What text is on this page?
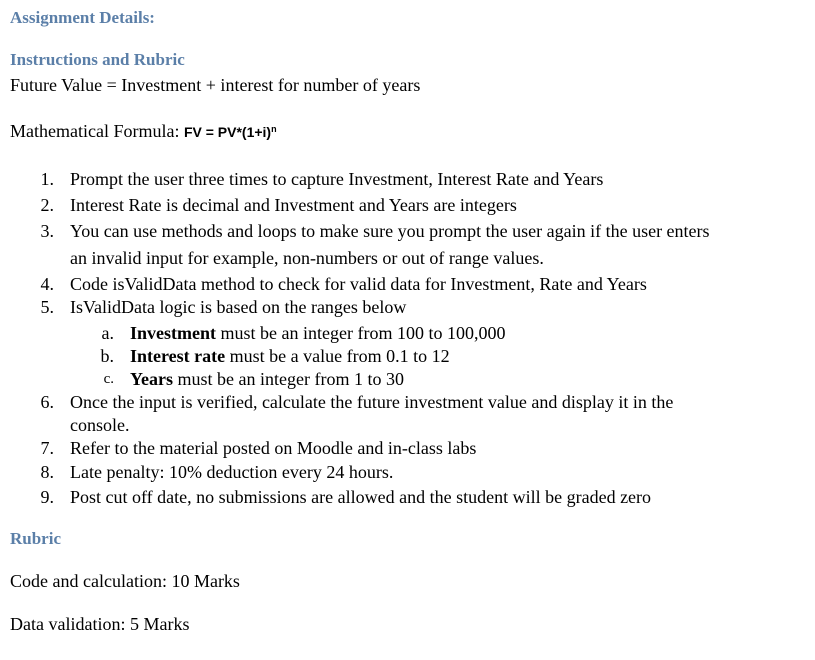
Assignment Details:
Instructions and Rubric
Future Value = Investment + interest for number of years
Mathematical Formula: FV = $PV*(1+i)^n$
1. Prompt the user three times to capture Investment, Interest Rate and Years
2. Interest Rate is decimal and Investment and Years are integers
3. You can use methods and loops to make sure you prompt the user again if the user enters
an invalid input for example, non-numbers or out of range values.
4. Code isValidData method to check for valid data for Investment, Rate and Years
5. IsValidData logic is based on the ranges below
a. Investment must be an integer from 100 to 100,000
b. Interest rate must be a value from 0.1 to 12
c. Years must be an integer from 1 to 30
6. Once the input is verified, calculate the future investment value and display it in the
console.
7. Refer to the material posted on Moodle and in-class labs
8. Late penalty: 10% deduction every 24 hours.
9. Post cut off date, no submissions are allowed and the student will be graded zero
Rubric
Code and calculation: 10 Marks
Data validation: 5 Marks
